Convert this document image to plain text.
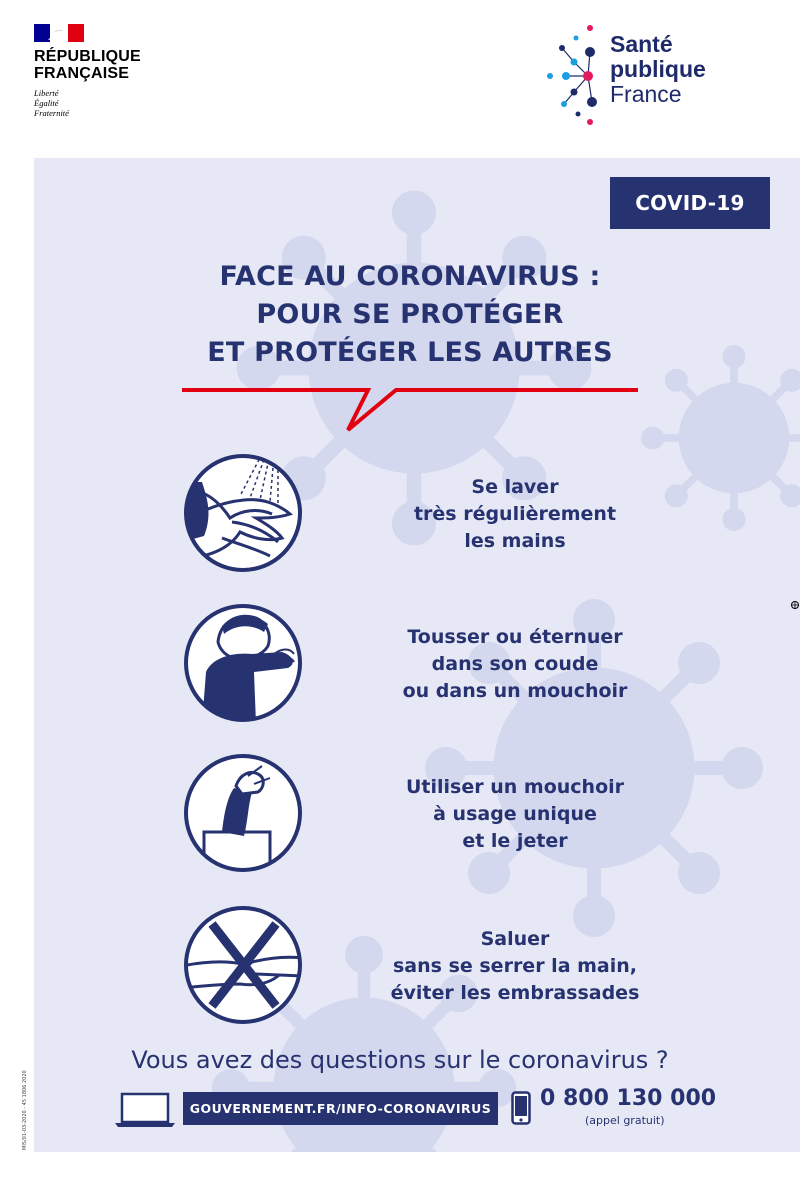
RÉPUBLIQUE
FRANÇAISE
Liberté
Égalité
Fraternité
Santé
publique
France
COVID-19
FACE AU CORONAVIRUS :
POUR SE PROTÉGER
ET PROTÉGER LES AUTRES
Se laver
très régulièrement
les mains
Tousser ou éternuer
dans son coude
ou dans un mouchoir
Utiliser un mouchoir
à usage unique
et le jeter
Saluer
sans se serrer la main,
éviter les embrassades
Vous avez des questions sur le coronavirus ?
GOUVERNEMENT.FR/INFO-CORONAVIRUS	0 800 130 000
(appel gratuit)
MIS/01-03-2020 - 45 1806 2020
